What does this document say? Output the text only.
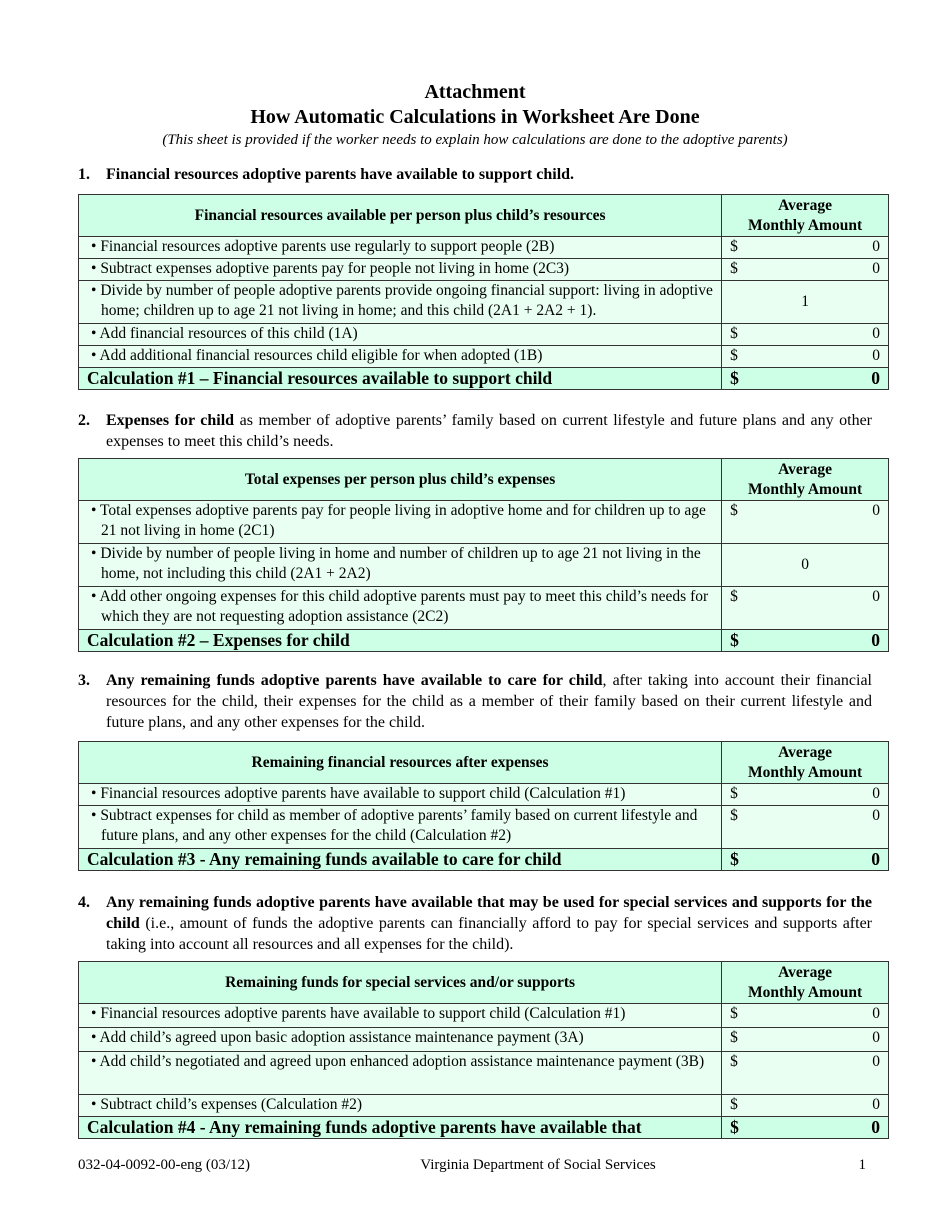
Attachment
How Automatic Calculations in Worksheet Are Done
(This sheet is provided if the worker needs to explain how calculations are done to the adoptive parents)
1. Financial resources adoptive parents have available to support child.
Financial resources available per person plus child’s resources	Average
Monthly Amount

• Financial resources adoptive parents use regularly to support people (2B)	$ 0

• Subtract expenses adoptive parents pay for people not living in home (2C3)	$ 0

• Divide by number of people adoptive parents provide ongoing financial support: living in adoptive home; children up to age 21 not living in home; and this child (2A1 + 2A2 + 1).	1

• Add financial resources of this child (1A)	$ 0

• Add additional financial resources child eligible for when adopted (1B)	$ 0

Calculation #1 – Financial resources available to support child	$ 0
2. Expenses for child as member of adoptive parents’ family based on current lifestyle and future plans and any other expenses to meet this child’s needs.
Total expenses per person plus child’s expenses	Average
Monthly Amount

• Total expenses adoptive parents pay for people living in adoptive home and for children up to age 21 not living in home (2C1)	$ 0

• Divide by number of people living in home and number of children up to age 21 not living in the home, not including this child (2A1 + 2A2)	0

• Add other ongoing expenses for this child adoptive parents must pay to meet this child’s needs for which they are not requesting adoption assistance (2C2)	$ 0

Calculation #2 – Expenses for child	$ 0
3. Any remaining funds adoptive parents have available to care for child, after taking into account their financial resources for the child, their expenses for the child as a member of their family based on their current lifestyle and future plans, and any other expenses for the child.
Remaining financial resources after expenses	Average
Monthly Amount

• Financial resources adoptive parents have available to support child (Calculation #1)	$ 0

• Subtract expenses for child as member of adoptive parents’ family based on current lifestyle and future plans, and any other expenses for the child (Calculation #2)	$ 0

Calculation #3 - Any remaining funds available to care for child	$ 0
4. Any remaining funds adoptive parents have available that may be used for special services and supports for the child (i.e., amount of funds the adoptive parents can financially afford to pay for special services and supports after taking into account all resources and all expenses for the child).
Remaining funds for special services and/or supports	Average
Monthly Amount

• Financial resources adoptive parents have available to support child (Calculation #1)	$ 0

• Add child’s agreed upon basic adoption assistance maintenance payment (3A)	$ 0

• Add child’s negotiated and agreed upon enhanced adoption assistance maintenance payment (3B)	$ 0

• Subtract child’s expenses (Calculation #2)	$ 0

Calculation #4 - Any remaining funds adoptive parents have available that	$ 0
032-04-0092-00-eng (03/12)	Virginia Department of Social Services	1
